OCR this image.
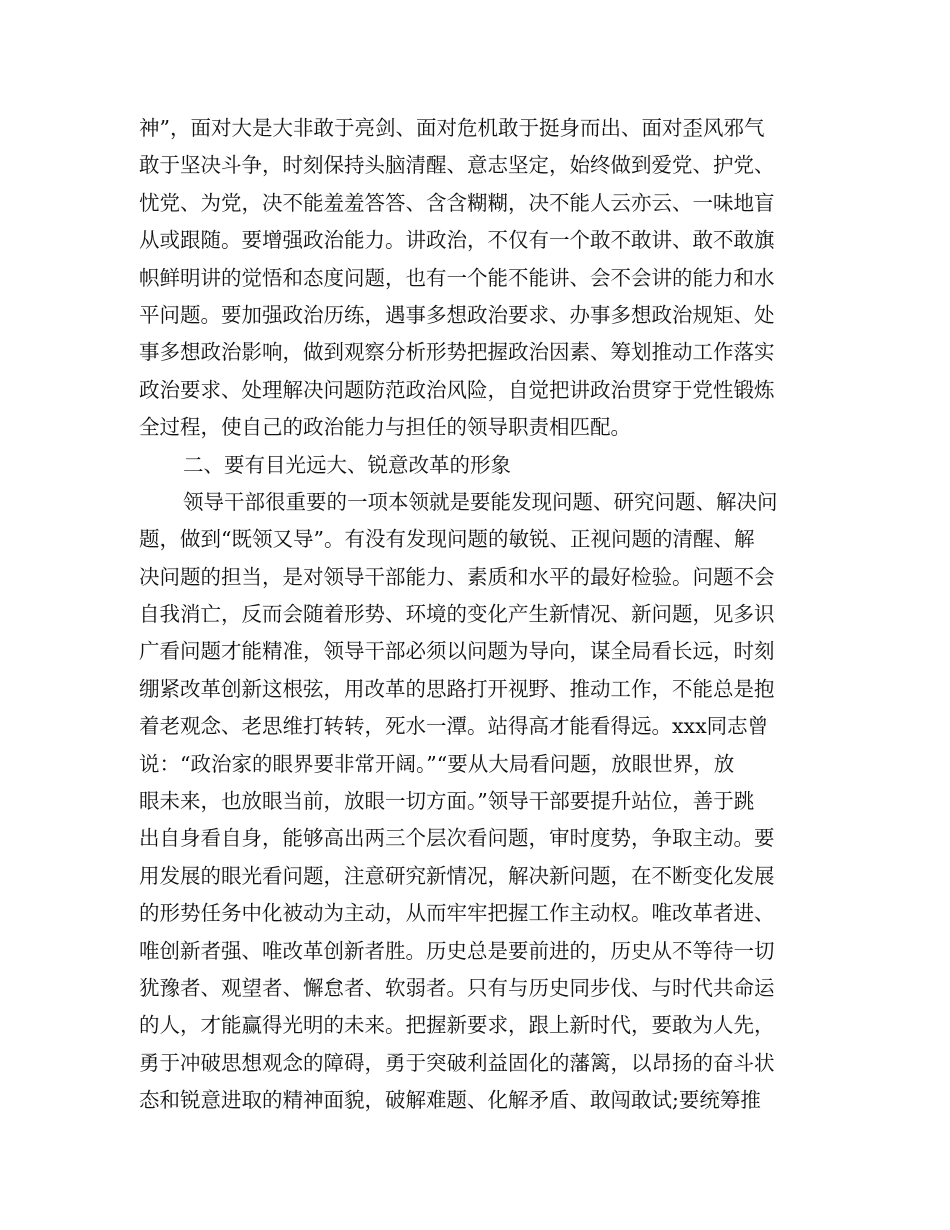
神”，面对大是大非敢于亮剑、面对危机敢于挺身而出、面对歪风邪气
敢于坚决斗争，时刻保持头脑清醒、意志坚定，始终做到爱党、护党、
忧党、为党，决不能羞羞答答、含含糊糊，决不能人云亦云、一味地盲
从或跟随。要增强政治能力。讲政治，不仅有一个敢不敢讲、敢不敢旗
帜鲜明讲的觉悟和态度问题，也有一个能不能讲、会不会讲的能力和水
平问题。要加强政治历练，遇事多想政治要求、办事多想政治规矩、处
事多想政治影响，做到观察分析形势把握政治因素、筹划推动工作落实
政治要求、处理解决问题防范政治风险，自觉把讲政治贯穿于党性锻炼
全过程，使自己的政治能力与担任的领导职责相匹配。
二、要有目光远大、锐意改革的形象
领导干部很重要的一项本领就是要能发现问题、研究问题、解决问
题，做到“既领又导”。有没有发现问题的敏锐、正视问题的清醒、解
决问题的担当，是对领导干部能力、素质和水平的最好检验。问题不会
自我消亡，反而会随着形势、环境的变化产生新情况、新问题，见多识
广看问题才能精准，领导干部必须以问题为导向，谋全局看长远，时刻
绷紧改革创新这根弦，用改革的思路打开视野、推动工作，不能总是抱
着老观念、老思维打转转，死水一潭。站得高才能看得远。xxx同志曾
说：“政治家的眼界要非常开阔。”“要从大局看问题，放眼世界，放
眼未来，也放眼当前，放眼一切方面。”领导干部要提升站位，善于跳
出自身看自身，能够高出两三个层次看问题，审时度势，争取主动。要
用发展的眼光看问题，注意研究新情况，解决新问题，在不断变化发展
的形势任务中化被动为主动，从而牢牢把握工作主动权。唯改革者进、
唯创新者强、唯改革创新者胜。历史总是要前进的，历史从不等待一切
犹豫者、观望者、懈怠者、软弱者。只有与历史同步伐、与时代共命运
的人，才能赢得光明的未来。把握新要求，跟上新时代，要敢为人先，
勇于冲破思想观念的障碍，勇于突破利益固化的藩篱，以昂扬的奋斗状
态和锐意进取的精神面貌，破解难题、化解矛盾、敢闯敢试;要统筹推
